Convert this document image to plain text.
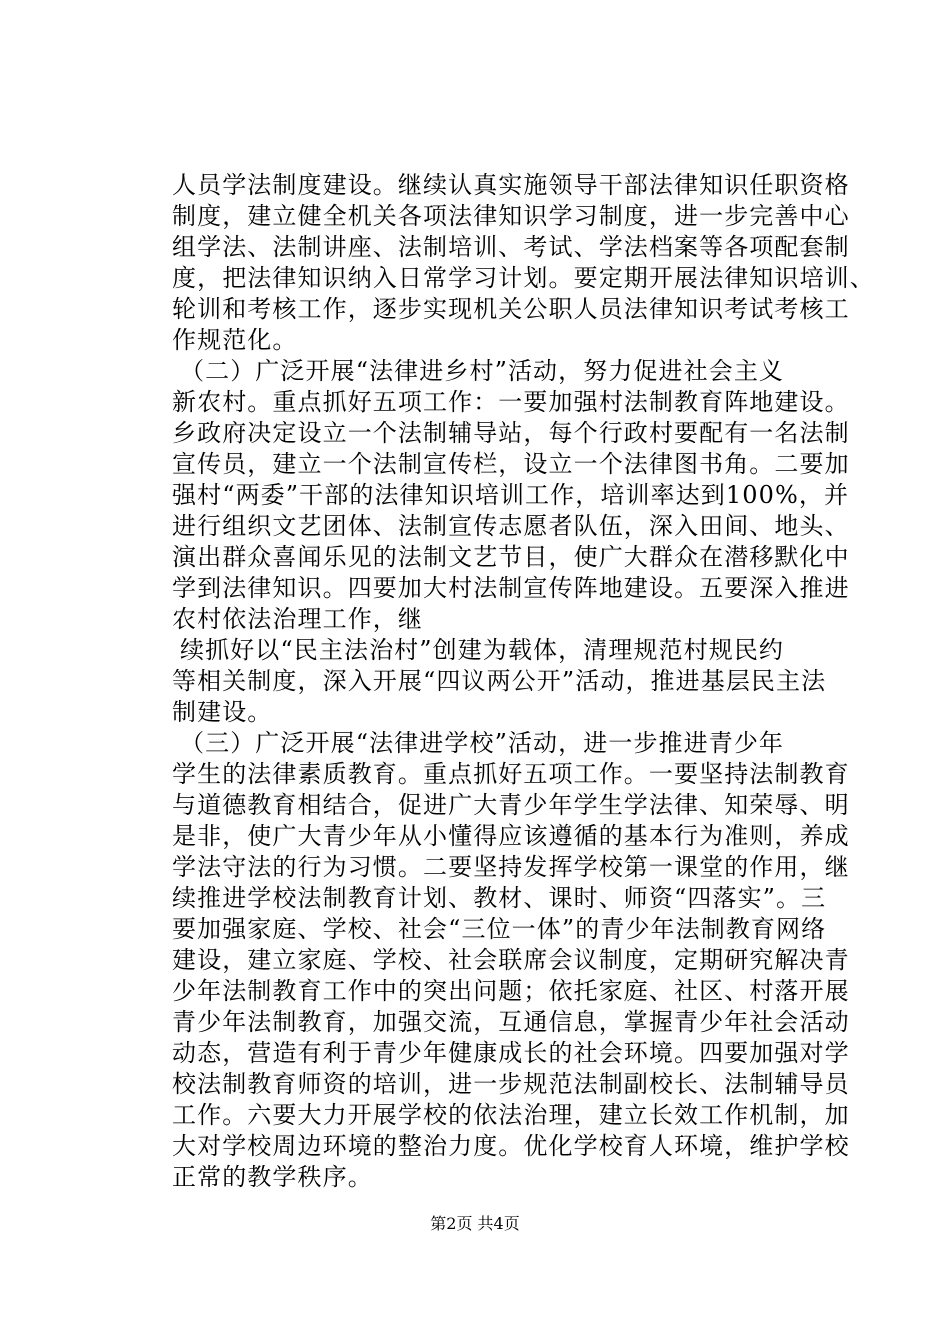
人员学法制度建设。继续认真实施领导干部法律知识任职资格
制度，建立健全机关各项法律知识学习制度，进一步完善中心
组学法、法制讲座、法制培训、考试、学法档案等各项配套制
度，把法律知识纳入日常学习计划。要定期开展法律知识培训、
轮训和考核工作，逐步实现机关公职人员法律知识考试考核工
作规范化。
（二）广泛开展“法律进乡村”活动，努力促进社会主义
新农村。重点抓好五项工作：一要加强村法制教育阵地建设。
乡政府决定设立一个法制辅导站，每个行政村要配有一名法制
宣传员，建立一个法制宣传栏，设立一个法律图书角。二要加
强村“两委”干部的法律知识培训工作，培训率达到100%，并
进行组织文艺团体、法制宣传志愿者队伍，深入田间、地头、
演出群众喜闻乐见的法制文艺节目，使广大群众在潜移默化中
学到法律知识。四要加大村法制宣传阵地建设。五要深入推进
农村依法治理工作，继
续抓好以“民主法治村”创建为载体，清理规范村规民约
等相关制度，深入开展“四议两公开”活动，推进基层民主法
制建设。
（三）广泛开展“法律进学校”活动，进一步推进青少年
学生的法律素质教育。重点抓好五项工作。一要坚持法制教育
与道德教育相结合，促进广大青少年学生学法律、知荣辱、明
是非，使广大青少年从小懂得应该遵循的基本行为准则，养成
学法守法的行为习惯。二要坚持发挥学校第一课堂的作用，继
续推进学校法制教育计划、教材、课时、师资“四落实”。三
要加强家庭、学校、社会“三位一体”的青少年法制教育网络
建设，建立家庭、学校、社会联席会议制度，定期研究解决青
少年法制教育工作中的突出问题；依托家庭、社区、村落开展
青少年法制教育，加强交流，互通信息，掌握青少年社会活动
动态，营造有利于青少年健康成长的社会环境。四要加强对学
校法制教育师资的培训，进一步规范法制副校长、法制辅导员
工作。六要大力开展学校的依法治理，建立长效工作机制，加
大对学校周边环境的整治力度。优化学校育人环境，维护学校
正常的教学秩序。
第2页 共4页
